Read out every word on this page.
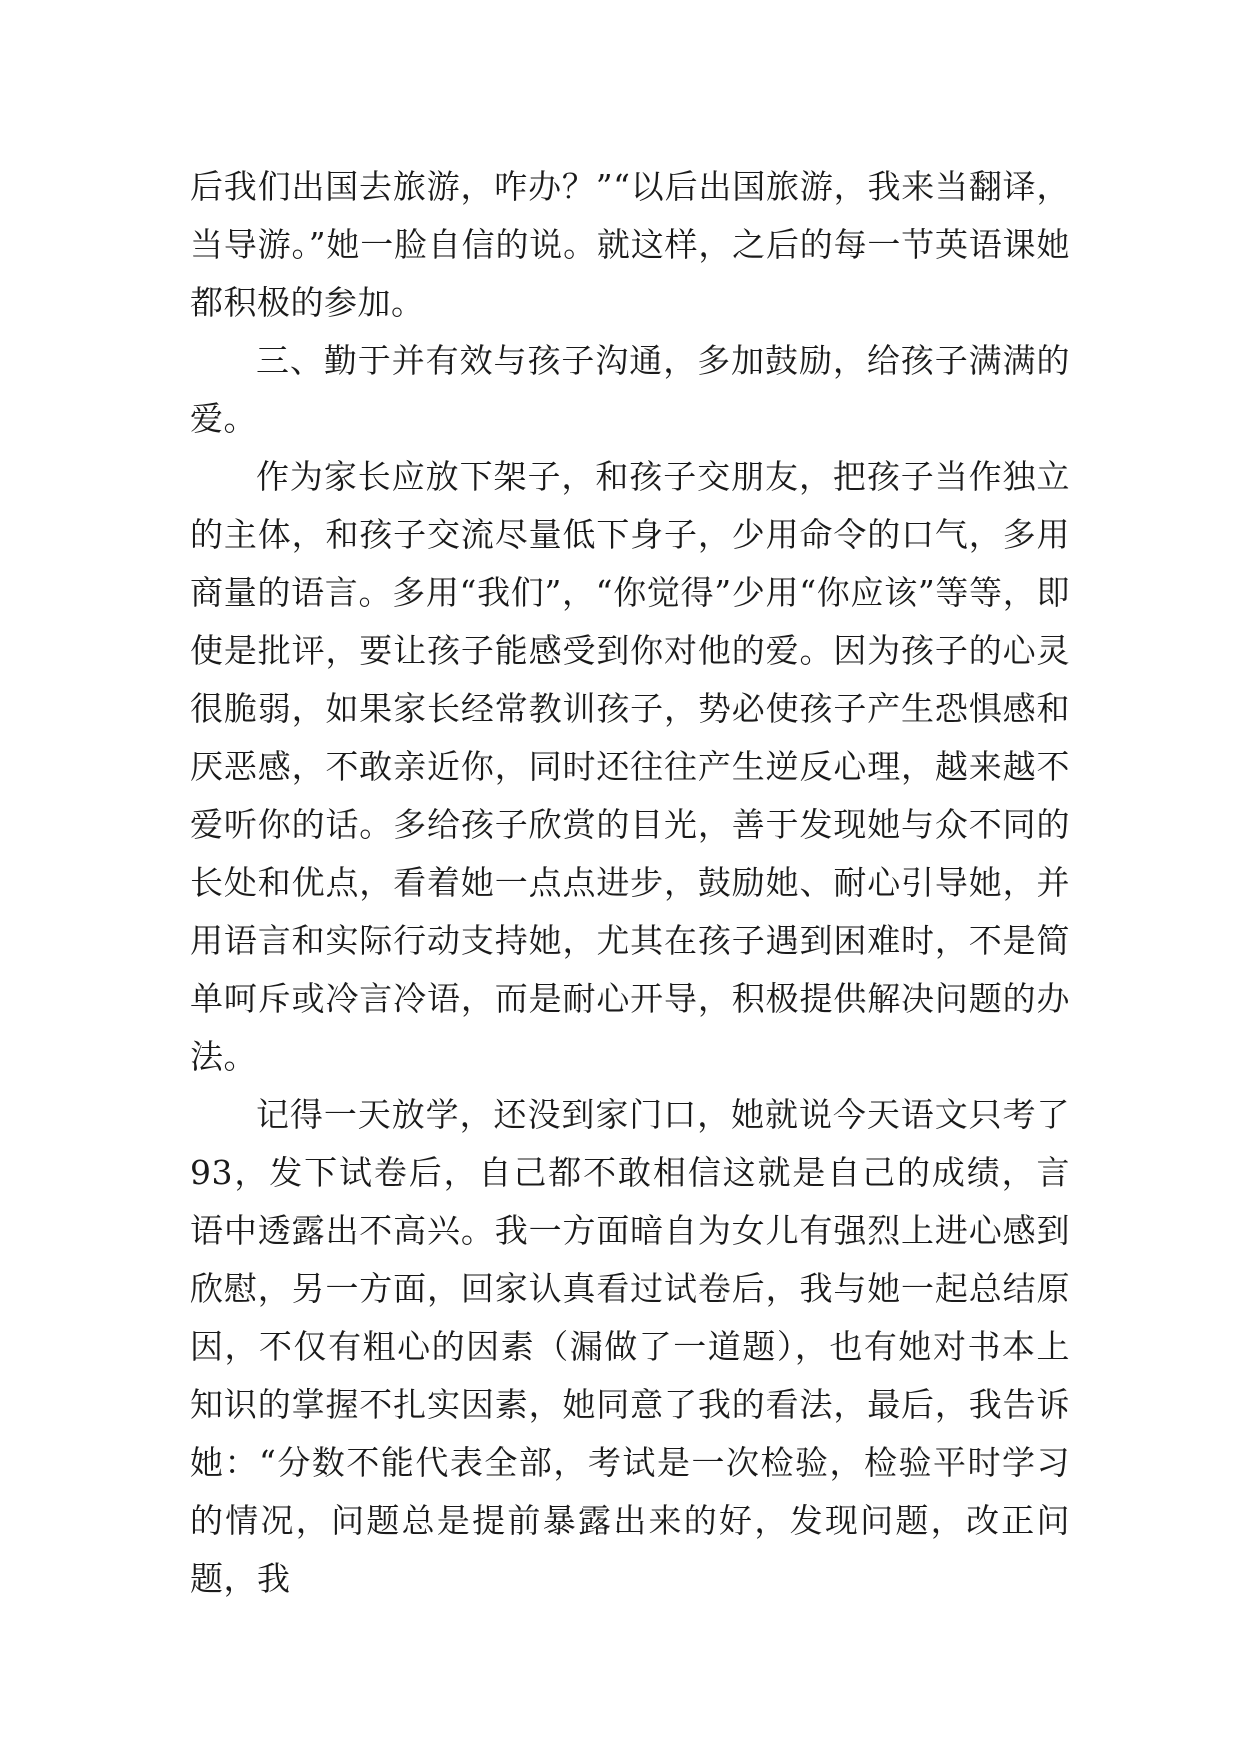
后我们出国去旅游，咋办？”“以后出国旅游，我来当翻译，当导游。”她一脸自信的说。就这样，之后的每一节英语课她都积极的参加。

三、勤于并有效与孩子沟通，多加鼓励，给孩子满满的爱。

作为家长应放下架子，和孩子交朋友，把孩子当作独立的主体，和孩子交流尽量低下身子，少用命令的口气，多用商量的语言。多用“我们”，“你觉得”少用“你应该”等等，即使是批评，要让孩子能感受到你对他的爱。因为孩子的心灵很脆弱，如果家长经常教训孩子，势必使孩子产生恐惧感和厌恶感，不敢亲近你，同时还往往产生逆反心理，越来越不爱听你的话。多给孩子欣赏的目光，善于发现她与众不同的长处和优点，看着她一点点进步，鼓励她、耐心引导她，并用语言和实际行动支持她，尤其在孩子遇到困难时，不是简单呵斥或冷言冷语，而是耐心开导，积极提供解决问题的办法。

记得一天放学，还没到家门口，她就说今天语文只考了93，发下试卷后，自己都不敢相信这就是自己的成绩，言语中透露出不高兴。我一方面暗自为女儿有强烈上进心感到欣慰，另一方面，回家认真看过试卷后，我与她一起总结原因，不仅有粗心的因素（漏做了一道题），也有她对书本上知识的掌握不扎实因素，她同意了我的看法，最后，我告诉她：“分数不能代表全部，考试是一次检验，检验平时学习的情况，问题总是提前暴露出来的好，发现问题，改正问题，我
